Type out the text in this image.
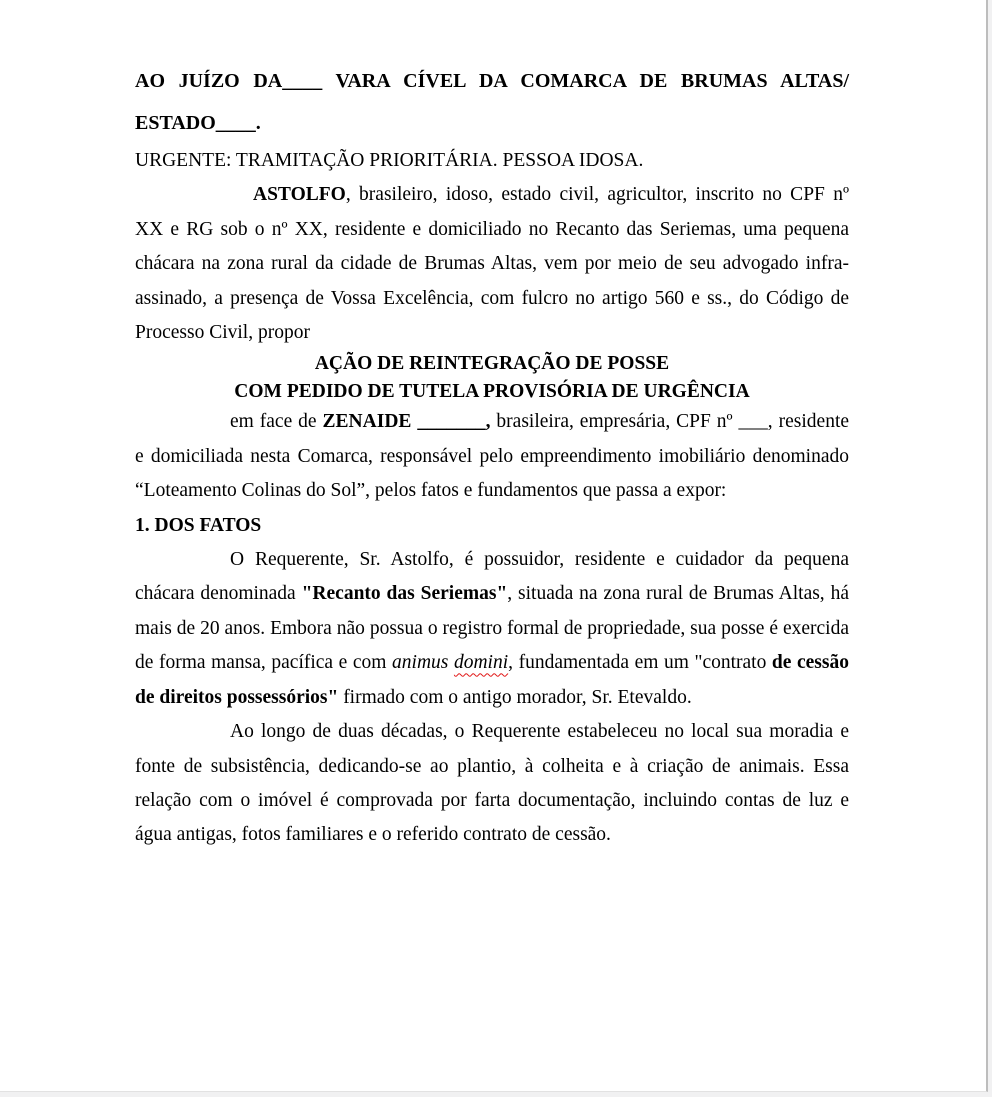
AO JUÍZO DA____ VARA CÍVEL DA COMARCA DE BRUMAS ALTAS/ ESTADO____.

URGENTE: TRAMITAÇÃO PRIORITÁRIA. PESSOA IDOSA.

ASTOLFO, brasileiro, idoso, estado civil, agricultor, inscrito no CPF nº XX e RG sob o nº XX, residente e domiciliado no Recanto das Seriemas, uma pequena chácara na zona rural da cidade de Brumas Altas, vem por meio de seu advogado infra-assinado, a presença de Vossa Excelência, com fulcro no artigo 560 e ss., do Código de Processo Civil, propor

AÇÃO DE REINTEGRAÇÃO DE POSSE
COM PEDIDO DE TUTELA PROVISÓRIA DE URGÊNCIA

em face de ZENAIDE _______, brasileira, empresária, CPF nº ___, residente e domiciliada nesta Comarca, responsável pelo empreendimento imobiliário denominado “Loteamento Colinas do Sol”, pelos fatos e fundamentos que passa a expor:

1. DOS FATOS

O Requerente, Sr. Astolfo, é possuidor, residente e cuidador da pequena chácara denominada "Recanto das Seriemas", situada na zona rural de Brumas Altas, há mais de 20 anos. Embora não possua o registro formal de propriedade, sua posse é exercida de forma mansa, pacífica e com animus domini, fundamentada em um "contrato de cessão de direitos possessórios" firmado com o antigo morador, Sr. Etevaldo.

Ao longo de duas décadas, o Requerente estabeleceu no local sua moradia e fonte de subsistência, dedicando-se ao plantio, à colheita e à criação de animais. Essa relação com o imóvel é comprovada por farta documentação, incluindo contas de luz e água antigas, fotos familiares e o referido contrato de cessão.
